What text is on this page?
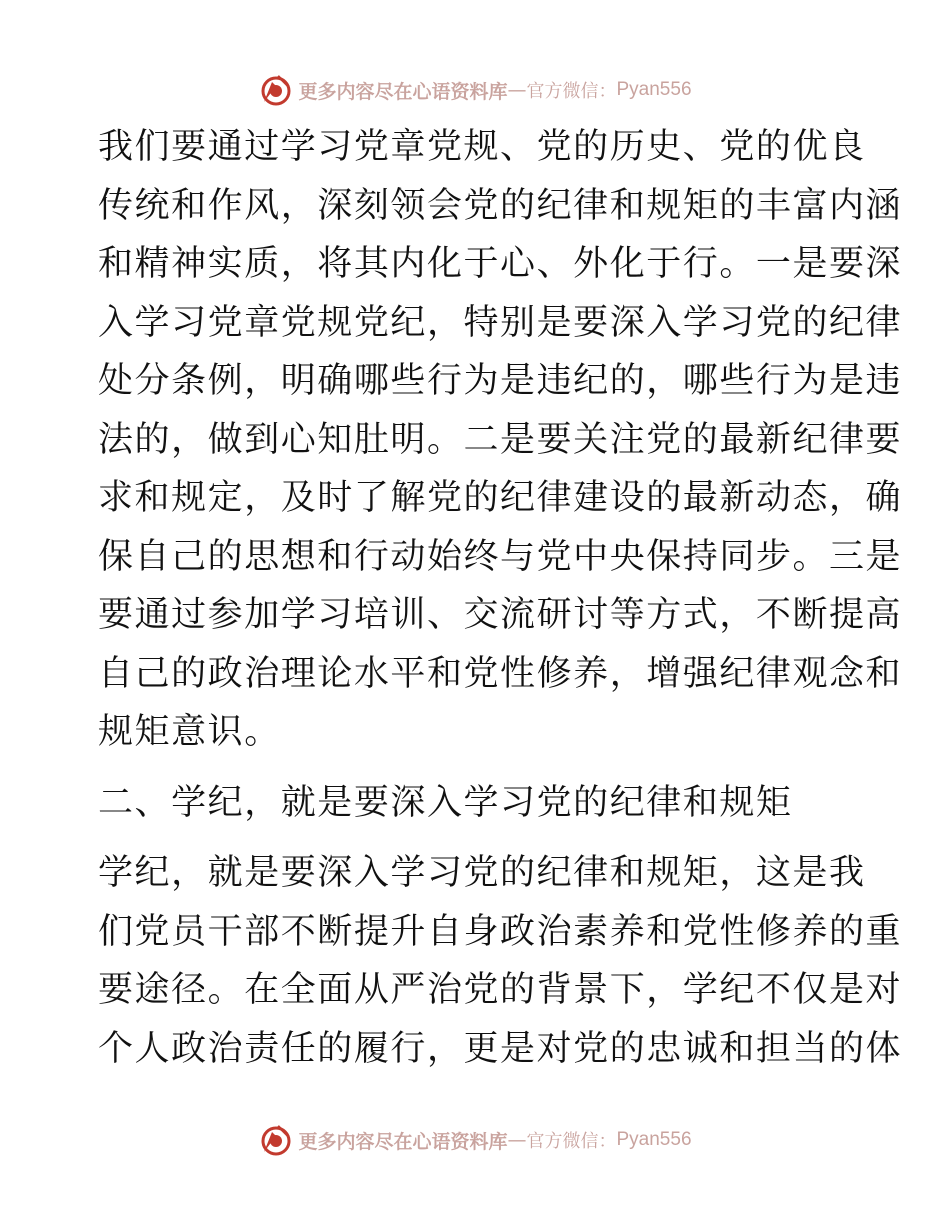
更多内容尽在心语资料库 — 官方微信： Pyan556
我们要通过学习党章党规、党的历史、党的优良
传统和作风，深刻领会党的纪律和规矩的丰富内涵
和精神实质，将其内化于心、外化于行。一是要深
入学习党章党规党纪，特别是要深入学习党的纪律
处分条例，明确哪些行为是违纪的，哪些行为是违
法的，做到心知肚明。二是要关注党的最新纪律要
求和规定，及时了解党的纪律建设的最新动态，确
保自己的思想和行动始终与党中央保持同步。三是
要通过参加学习培训、交流研讨等方式，不断提高
自己的政治理论水平和党性修养，增强纪律观念和
规矩意识。
二、学纪，就是要深入学习党的纪律和规矩
学纪，就是要深入学习党的纪律和规矩，这是我
们党员干部不断提升自身政治素养和党性修养的重
要途径。在全面从严治党的背景下，学纪不仅是对
个人政治责任的履行，更是对党的忠诚和担当的体
更多内容尽在心语资料库 — 官方微信： Pyan556
